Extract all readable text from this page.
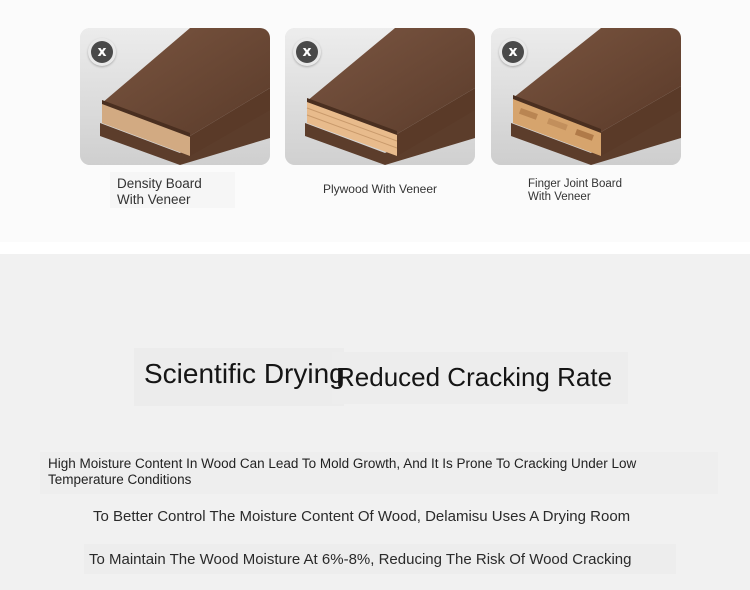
x	x	x
Density Board
With Veneer
Plywood With Veneer	Finger Joint Board
With Veneer
Scientific Drying
Reduced Cracking Rate
High Moisture Content In Wood Can Lead To Mold Growth, And It Is Prone To Cracking Under Low Temperature Conditions
To Better Control The Moisture Content Of Wood, Delamisu Uses A Drying Room
To Maintain The Wood Moisture At 6%-8%, Reducing The Risk Of Wood Cracking
